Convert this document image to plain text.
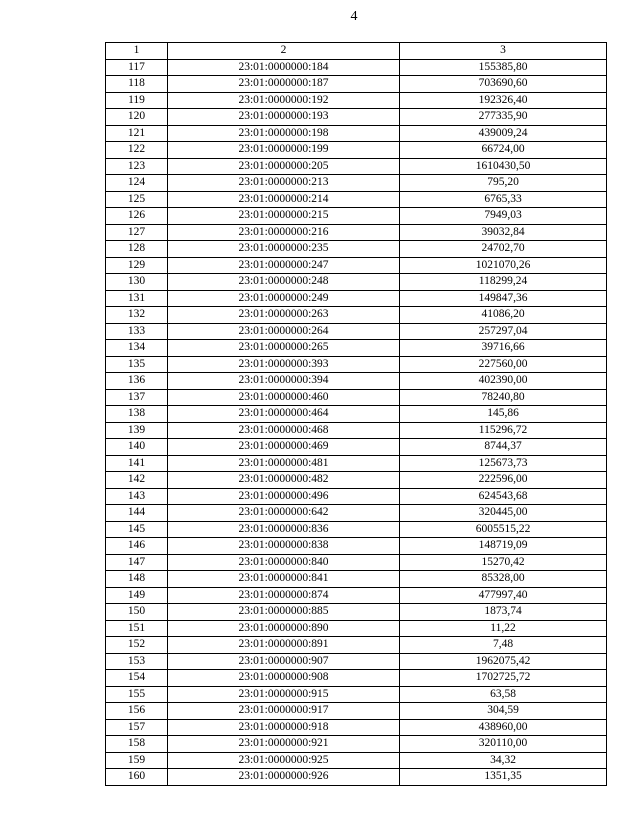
4
1	2	3
117	23:01:0000000:184	155385,80
118	23:01:0000000:187	703690,60
119	23:01:0000000:192	192326,40
120	23:01:0000000:193	277335,90
121	23:01:0000000:198	439009,24
122	23:01:0000000:199	66724,00
123	23:01:0000000:205	1610430,50
124	23:01:0000000:213	795,20
125	23:01:0000000:214	6765,33
126	23:01:0000000:215	7949,03
127	23:01:0000000:216	39032,84
128	23:01:0000000:235	24702,70
129	23:01:0000000:247	1021070,26
130	23:01:0000000:248	118299,24
131	23:01:0000000:249	149847,36
132	23:01:0000000:263	41086,20
133	23:01:0000000:264	257297,04
134	23:01:0000000:265	39716,66
135	23:01:0000000:393	227560,00
136	23:01:0000000:394	402390,00
137	23:01:0000000:460	78240,80
138	23:01:0000000:464	145,86
139	23:01:0000000:468	115296,72
140	23:01:0000000:469	8744,37
141	23:01:0000000:481	125673,73
142	23:01:0000000:482	222596,00
143	23:01:0000000:496	624543,68
144	23:01:0000000:642	320445,00
145	23:01:0000000:836	6005515,22
146	23:01:0000000:838	148719,09
147	23:01:0000000:840	15270,42
148	23:01:0000000:841	85328,00
149	23:01:0000000:874	477997,40
150	23:01:0000000:885	1873,74
151	23:01:0000000:890	11,22
152	23:01:0000000:891	7,48
153	23:01:0000000:907	1962075,42
154	23:01:0000000:908	1702725,72
155	23:01:0000000:915	63,58
156	23:01:0000000:917	304,59
157	23:01:0000000:918	438960,00
158	23:01:0000000:921	320110,00
159	23:01:0000000:925	34,32
160	23:01:0000000:926	1351,35
